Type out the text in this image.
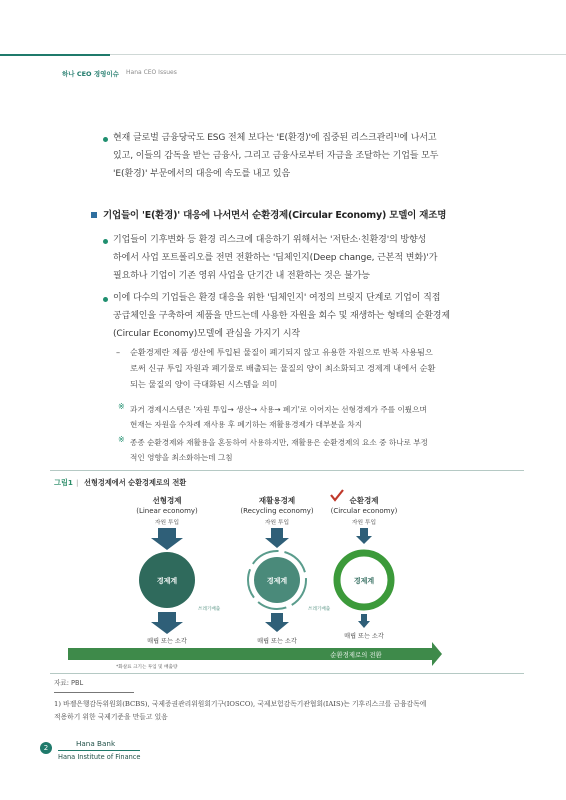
하나 CEO 경영이슈 Hana CEO Issues
현재 글로벌 금융당국도 ESG 전체 보다는 'E(환경)'에 집중된 리스크관리¹⁾에 나서고
있고, 이들의 감독을 받는 금융사, 그리고 금융사로부터 자금을 조달하는 기업들 모두
'E(환경)' 부문에서의 대응에 속도를 내고 있음
기업들이 'E(환경)' 대응에 나서면서 순환경제(Circular Economy) 모델이 재조명
기업들이 기후변화 등 환경 리스크에 대응하기 위해서는 '저탄소·친환경'의 방향성
하에서 사업 포트폴리오를 전면 전환하는 '딥체인지(Deep change, 근본적 변화)'가
필요하나 기업이 기존 영위 사업을 단기간 내 전환하는 것은 불가능
이에 다수의 기업들은 환경 대응을 위한 '딥체인지' 여정의 브릿지 단계로 기업이 직접
공급체인을 구축하여 제품을 만드는데 사용한 자원을 회수 및 재생하는 형태의 순환경제
(Circular Economy)모델에 관심을 가지기 시작
– 순환경제란 제품 생산에 투입된 물질이 폐기되지 않고 유용한 자원으로 반복 사용됨으
로써 신규 투입 자원과 폐기물로 배출되는 물질의 양이 최소화되고 경제계 내에서 순환
되는 물질의 양이 극대화된 시스템을 의미
※ 과거 경제시스템은 '자원 투입→ 생산→ 사용→ 폐기'로 이어지는 선형경제가 주를 이뤘으며
현재는 자원을 수차례 재사용 후 폐기하는 재활용경제가 대부분을 차지
※ 종종 순환경제와 재활용을 혼동하여 사용하지만, 재활용은 순환경제의 요소 중 하나로 부정
적인 영향을 최소화하는데 그침
그림1 | 선형경제에서 순환경제로의 전환
선형경제
(Linear economy)
자원 투입
경제계
쓰레기배출
매립 또는 소각
재활용경제
(Recycling economy)
자원 투입
경제계
쓰레기배출
매립 또는 소각
순환경제
(Circular economy)
자원 투입
경제계
매립 또는 소각
순환경제로의 전환
*화살표 크기는 투입 및 배출량
자료: PBL
1) 바젤은행감독위원회(BCBS), 국제증권관리위원회기구(IOSCO), 국제보험감독기관협회(IAIS)는 기후리스크를 금융감독에
적용하기 위한 국제기준을 만들고 있음
2	Hana Bank
Hana Institute of Finance
